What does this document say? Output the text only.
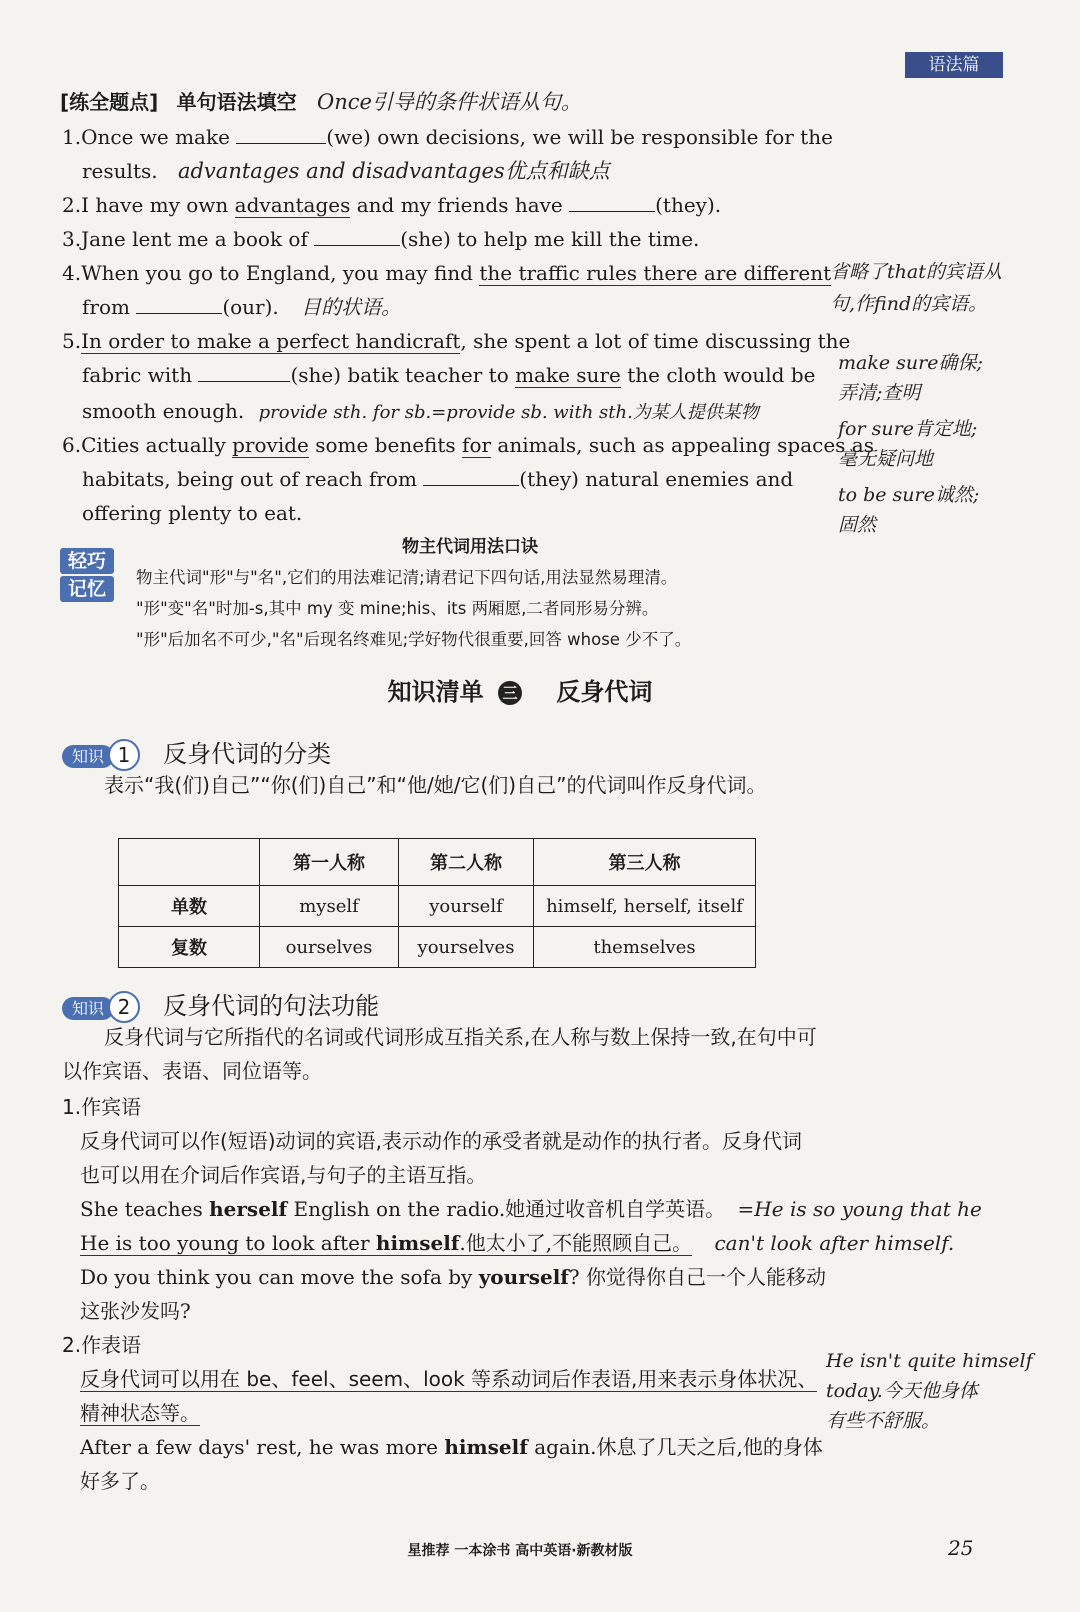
语法篇
[练全题点] 单句语法填空 Once引导的条件状语从句。
1.Once we make	(we) own decisions, we will be responsible for the
results. advantages and disadvantages优点和缺点
2.I have my own advantages and my friends have	(they).
3.Jane lent me a book of	(she) to help me kill the time.
4.When you go to England, you may find the traffic rules there are different
from	(our). 目的状语。
省略了that的宾语从
句,作find的宾语。
5.In order to make a perfect handicraft, she spent a lot of time discussing the
fabric with	(she) batik teacher to make sure the cloth would be
smooth enough. provide sth. for sb.=provide sb. with sth.为某人提供某物
6.Cities actually provide some benefits for animals, such as appealing spaces as
habitats, being out of reach from	(they) natural enemies and
offering plenty to eat.
make sure确保;
弄清;查明
for sure肯定地;
毫无疑问地
to be sure诚然;
固然
轻巧
记忆
物主代词用法口诀
物主代词"形"与"名",它们的用法难记清;请君记下四句话,用法显然易理清。
"形"变"名"时加-s,其中 my 变 mine;his、its 两厢愿,二者同形易分辨。
"形"后加名不可少,"名"后现名终难见;学好物代很重要,回答 whose 少不了。
知识清单 三 反身代词
知识 1 反身代词的分类
表示“我(们)自己”“你(们)自己”和“他/她/它(们)自己”的代词叫作反身代词。
	第一人称	第二人称	第三人称
单数	myself	yourself	himself, herself, itself
复数	ourselves	yourselves	themselves
知识 2 反身代词的句法功能
反身代词与它所指代的名词或代词形成互指关系,在人称与数上保持一致,在句中可以作宾语、表语、同位语等。
1.作宾语
反身代词可以作(短语)动词的宾语,表示动作的承受者就是动作的执行者。反身代词也可以用在介词后作宾语,与句子的主语互指。
She teaches herself English on the radio.她通过收音机自学英语。 =He is so young that he
He is too young to look after himself.他太小了,不能照顾自己。 can't look after himself.
Do you think you can move the sofa by yourself? 你觉得你自己一个人能移动
这张沙发吗?
2.作表语
反身代词可以用在 be、feel、seem、look 等系动词后作表语,用来表示身体状况、
精神状态等。
After a few days' rest, he was more himself again.休息了几天之后,他的身体
好多了。
He isn't quite himself
today.今天他身体
有些不舒服。
星推荐 一本涂书 高中英语·新教材版	25
